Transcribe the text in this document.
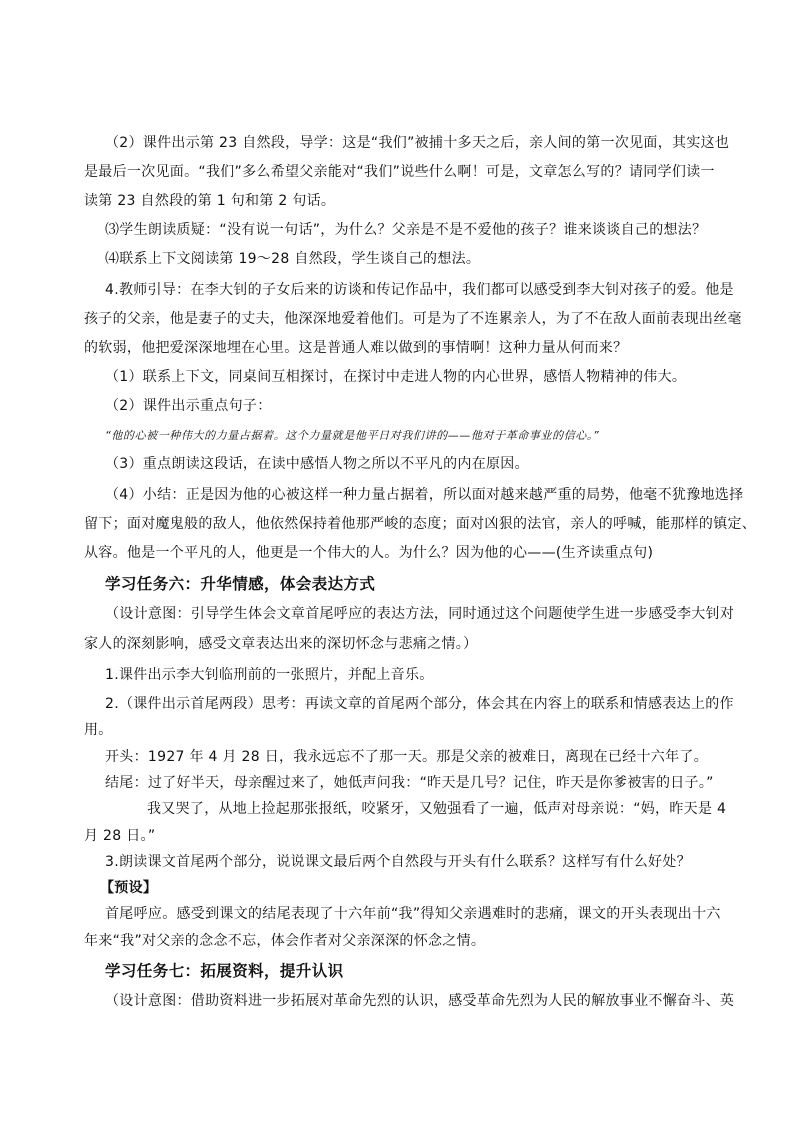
（2）课件出示第 23 自然段，导学：这是“我们”被捕十多天之后，亲人间的第一次见面，其实这也
是最后一次见面。“我们”多么希望父亲能对“我们”说些什么啊！可是，文章怎么写的？请同学们读一
读第 23 自然段的第 1 句和第 2 句话。
⑶学生朗读质疑：“没有说一句话”，为什么？父亲是不是不爱他的孩子？谁来谈谈自己的想法？
⑷联系上下文阅读第 19～28 自然段，学生谈自己的想法。
4.教师引导：在李大钊的子女后来的访谈和传记作品中，我们都可以感受到李大钊对孩子的爱。他是
孩子的父亲，他是妻子的丈夫，他深深地爱着他们。可是为了不连累亲人，为了不在敌人面前表现出丝毫
的软弱，他把爱深深地埋在心里。这是普通人难以做到的事情啊！这种力量从何而来？
（1）联系上下文，同桌间互相探讨，在探讨中走进人物的内心世界，感悟人物精神的伟大。
（2）课件出示重点句子：
“他的心被一种伟大的力量占据着。这个力量就是他平日对我们讲的——他对于革命事业的信心。”
（3）重点朗读这段话，在读中感悟人物之所以不平凡的内在原因。
（4）小结：正是因为他的心被这样一种力量占据着，所以面对越来越严重的局势，他毫不犹豫地选择
留下；面对魔鬼般的敌人，他依然保持着他那严峻的态度；面对凶狠的法官，亲人的呼喊，能那样的镇定、
从容。他是一个平凡的人，他更是一个伟大的人。为什么？因为他的心——(生齐读重点句)
学习任务六：升华情感，体会表达方式
（设计意图：引导学生体会文章首尾呼应的表达方法，同时通过这个问题使学生进一步感受李大钊对
家人的深刻影响，感受文章表达出来的深切怀念与悲痛之情。）
1.课件出示李大钊临刑前的一张照片，并配上音乐。
2.（课件出示首尾两段）思考：再读文章的首尾两个部分，体会其在内容上的联系和情感表达上的作
用。
开头：1927 年 4 月 28 日，我永远忘不了那一天。那是父亲的被难日，离现在已经十六年了。
结尾：过了好半天，母亲醒过来了，她低声问我：“昨天是几号？记住，昨天是你爹被害的日子。”
我又哭了，从地上捡起那张报纸，咬紧牙，又勉强看了一遍，低声对母亲说：“妈，昨天是 4
月 28 日。”
3.朗读课文首尾两个部分，说说课文最后两个自然段与开头有什么联系？这样写有什么好处？
【预设】
首尾呼应。感受到课文的结尾表现了十六年前“我”得知父亲遇难时的悲痛，课文的开头表现出十六
年来“我”对父亲的念念不忘，体会作者对父亲深深的怀念之情。
学习任务七：拓展资料，提升认识
（设计意图：借助资料进一步拓展对革命先烈的认识，感受革命先烈为人民的解放事业不懈奋斗、英
